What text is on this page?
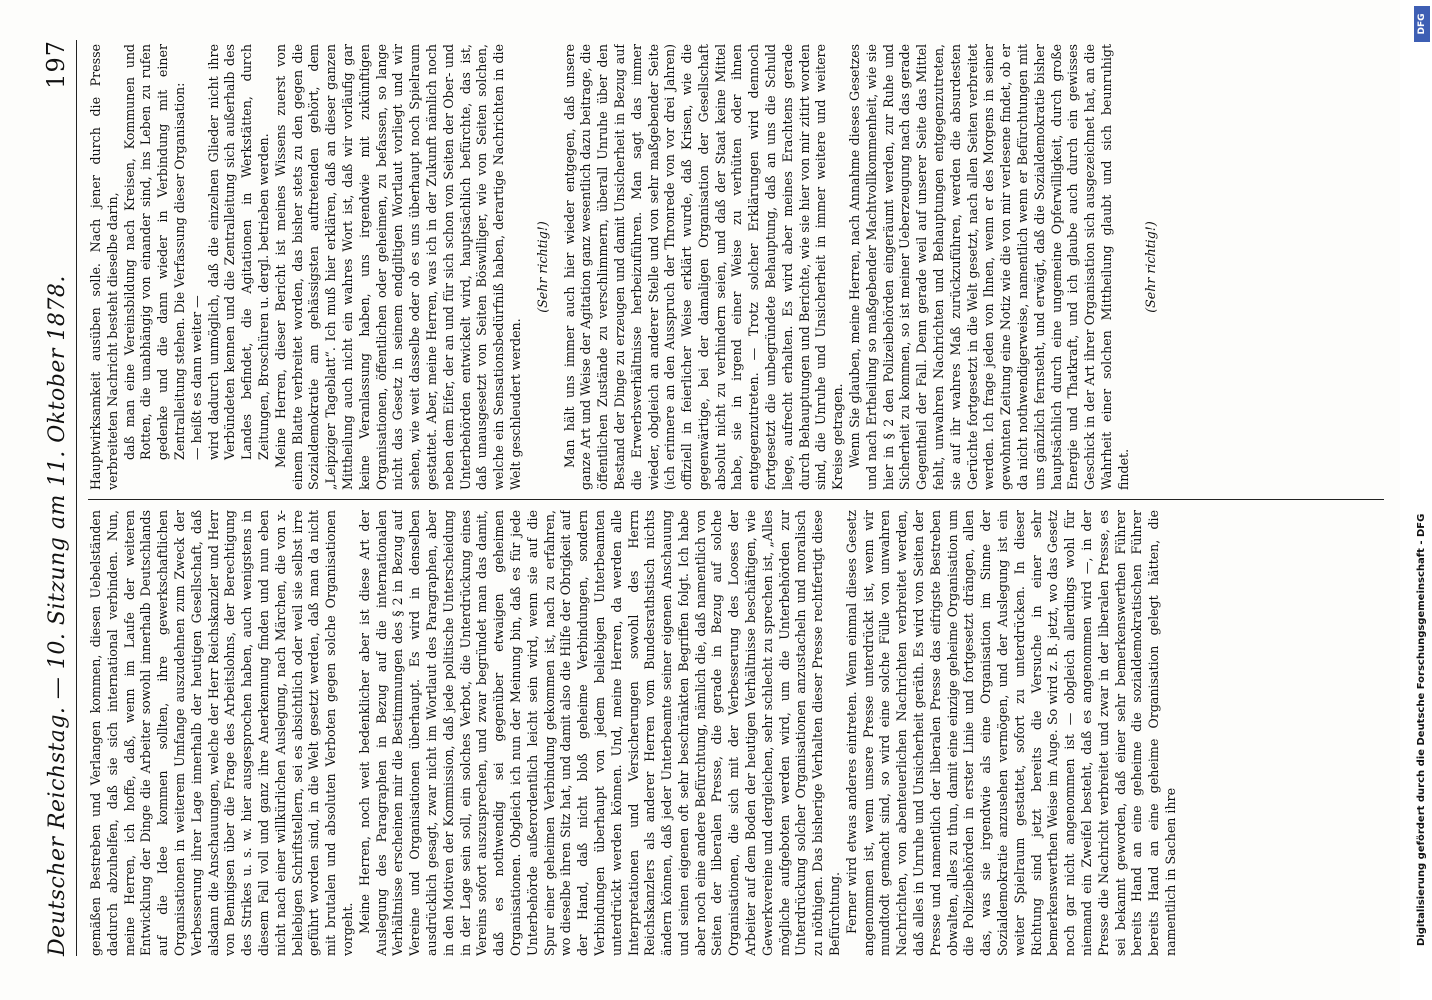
Deutscher Reichstag. — 10. Sitzung am 11. Oktober 1878.
197

gemäßen Bestreben und Verlangen kommen, diesen Uebelständen dadurch abzuhelfen, daß sie sich international verbinden. Nun, meine Herren, ich hoffe, daß, wenn im Laufe der weiteren Entwicklung der Dinge die Arbeiter sowohl innerhalb Deutschlands auf die Idee kommen sollten, ihre gewerkschaftlichen Organisationen in weiterem Umfange auszudehnen zum Zweck der Verbesserung ihrer Lage innerhalb der heutigen Gesellschaft, daß alsdann die Anschauungen, welche der Herr Reichskanzler und Herr von Bennigsen über die Frage des Arbeitslohns, der Berechtigung des Strikes u. s. w. hier ausgesprochen haben, auch wenigstens in diesem Fall voll und ganz ihre Anerkennung finden und nun eben nicht nach einer willkürlichen Auslegung, nach Märchen, die von x-beliebigen Schriftstellern, sei es absichtlich oder weil sie selbst irre geführt worden sind, in die Welt gesetzt werden, daß man da nicht mit brutalen und absoluten Verboten gegen solche Organisationen vorgeht. Meine Herren, noch weit bedenklicher aber ist diese Art der Auslegung des Paragraphen in Bezug auf die internationalen Verhältnisse erscheinen mir die Bestimmungen des § 2 in Bezug auf Vereine und Organisationen überhaupt. Es wird in denselben ausdrücklich gesagt, zwar nicht im Wortlaut des Paragraphen, aber in den Motiven der Kommission, daß jede politische Unterscheidung in der Lage sein soll, ein solches Verbot, die Unterdrückung eines Vereins sofort auszusprechen, und zwar begründet man das damit, daß es nothwendig sei gegenüber etwaigen geheimen Organisationen. Obgleich ich nun der Meinung bin, daß es für jede Unterbehörde außerordentlich leicht sein wird, wenn sie auf die Spur einer geheimen Verbindung gekommen ist, nach zu erfahren, wo dieselbe ihren Sitz hat, und damit also die Hilfe der Obrigkeit auf der Hand, daß nicht bloß geheime Verbindungen, sondern Verbindungen überhaupt von jedem beliebigen Unterbeamten unterdrückt werden können. Und, meine Herren, da werden alle Interpretationen und Versicherungen sowohl des Herrn Reichskanzlers als anderer Herren vom Bundesrathstisch nichts ändern können, daß jeder Unterbeamte seiner eigenen Anschauung und seinen eigenen oft sehr beschränkten Begriffen folgt. Ich habe aber noch eine andere Befürchtung, nämlich die, daß namentlich von Seiten der liberalen Presse, die gerade in Bezug auf solche Organisationen, die sich mit der Verbesserung des Looses der Arbeiter auf dem Boden der heutigen Verhältnisse beschäftigen, wie Gewerkvereine und dergleichen, sehr schlecht zu sprechen ist, „Alles mögliche aufgeboten werden wird, um die Unterbehörden zur Unterdrückung solcher Organisationen anzustacheln und moralisch zu nöthigen. Das bisherige Verhalten dieser Presse rechtfertigt diese Befürchtung. Ferner wird etwas anderes eintreten. Wenn einmal dieses Gesetz angenommen ist, wenn unsere Presse unterdrückt ist, wenn wir mundtodt gemacht sind, so wird eine solche Fülle von unwahren Nachrichten, von abenteuerlichen Nachrichten verbreitet werden, daß alles in Unruhe und Unsicherheit geräth. Es wird von Seiten der Presse und namentlich der liberalen Presse das eifrigste Bestreben obwalten, alles zu thun, damit eine einzige geheime Organisation um die Polizeibehörden in erster Linie und fortgesetzt drängen, allen das, was sie irgendwie als eine Organisation im Sinne der Sozialdemokratie anzusehen vermögen, und der Auslegung ist ein weiter Spielraum gestattet, sofort zu unterdrücken. In dieser Richtung sind jetzt bereits die Versuche in einer sehr bemerkenswerthen Weise im Auge. So wird z. B. jetzt, wo das Gesetz noch gar nicht angenommen ist — obgleich allerdings wohl für niemand ein Zweifel besteht, daß es angenommen wird —, in der Presse die Nachricht verbreitet und zwar in der liberalen Presse, es sei bekannt geworden, daß einer sehr bemerkenswerthen Führer bereits Hand an eine geheime die sozialdemokratischen Führer bereits Hand an eine geheime Organisation gelegt hätten, die namentlich in Sachen ihre

Hauptwirksamkeit ausüben solle. Nach jener durch die Presse verbreiteten Nachricht besteht dieselbe darin, daß man eine Vereinsbildung nach Kreisen, Kommunen und Rotten, die unabhängig von einander sind, ins Leben zu rufen gedenke und die dann wieder in Verbindung mit einer Zentralleitung stehen. Die Verfassung dieser Organisation: — heißt es dann weiter — wird dadurch unmöglich, daß die einzelnen Glieder nicht ihre Verbündeten kennen und die Zentralleitung sich außerhalb des Landes befindet, die Agitationen in Werkstätten, durch Zeitungen, Broschüren u. dergl. betrieben werden. Meine Herren, dieser Bericht ist meines Wissens zuerst von einem Blatte verbreitet worden, das bisher stets zu den gegen die Sozialdemokratie am gehässigsten auftretenden gehört, dem „Leipziger Tageblatt“. Ich muß hier erklären, daß an dieser ganzen Mittheilung auch nicht ein wahres Wort ist, daß wir vorläufig gar keine Veranlassung haben, uns irgendwie mit zukünftigen Organisationen, öffentlichen oder geheimen, zu befassen, so lange nicht das Gesetz in seinem endgiltigen Wortlaut vorliegt und wir sehen, wie weit dasselbe oder ob es uns überhaupt noch Spielraum gestattet. Aber, meine Herren, was ich in der Zukunft nämlich noch neben dem Eifer, der an und für sich schon von Seiten der Ober- und Unterbehörden entwickelt wird, hauptsächlich befürchte, das ist, daß unausgesetzt von Seiten Böswilliger, wie von Seiten solchen, welche ein Sensationsbedürfniß haben, derartige Nachrichten in die Welt geschleudert werden.

(Sehr richtig!) Man hält uns immer auch hier wieder entgegen, daß unsere ganze Art und Weise der Agitation ganz wesentlich dazu beitrage, die öffentlichen Zustände zu verschlimmern, überall Unruhe über den Bestand der Dinge zu erzeugen und damit Unsicherheit in Bezug auf die Erwerbsverhältnisse herbeizuführen. Man sagt das immer wieder, obgleich an anderer Stelle und von sehr maßgebender Seite (ich erinnere an den Ausspruch der Thronrede von vor drei Jahren) offiziell in feierlicher Weise erklärt wurde, daß Krisen, wie die gegenwärtige, bei der damaligen Organisation der Gesellschaft absolut nicht zu verhindern seien, und daß der Staat keine Mittel habe, sie in irgend einer Weise zu verhüten oder ihnen entgegenzutreten. — Trotz solcher Erklärungen wird dennoch fortgesetzt die unbegründete Behauptung, daß an uns die Schuld liege, aufrecht erhalten. Es wird aber meines Erachtens gerade durch Behauptungen und Berichte, wie sie hier von mir zitirt worden sind, die Unruhe und Unsicherheit in immer weitere und weitere Kreise getragen. Wenn Sie glauben, meine Herren, nach Annahme dieses Gesetzes und nach Ertheilung so maßgebender Machtvollkommenheit, wie sie hier in § 2 den Polizeibehörden eingeräumt werden, zur Ruhe und Sicherheit zu kommen, so ist meiner Ueberzeugung nach das gerade Gegentheil der Fall. Denn gerade weil auf unserer Seite das Mittel fehlt, unwahren Nachrichten und Behauptungen entgegenzutreten, sie auf ihr wahres Maß zurückzuführen, werden die absurdesten Gerüchte fortgesetzt in die Welt gesetzt, nach allen Seiten verbreitet werden. Ich frage jeden von Ihnen, wenn er des Morgens in seiner gewohnten Zeitung eine Notiz wie die von mir verlesene findet, ob er da nicht nothwendigerweise, namentlich wenn er Befürchtungen mit uns gänzlich fernsteht, und erwägt, daß die Sozialdemokratie bisher hauptsächlich durch eine ungemeine Opferwilligkeit, durch große Energie und Thatkraft, und ich glaube auch durch ein gewisses Geschick in der Art ihrer Organisation sich ausgezeichnet hat, an die Wahrheit einer solchen Mittheilung glaubt und sich beunruhigt findet.

(Sehr richtig!)

DFG
Digitalisierung gefördert durch die Deutsche Forschungsgemeinschaft - DFG
